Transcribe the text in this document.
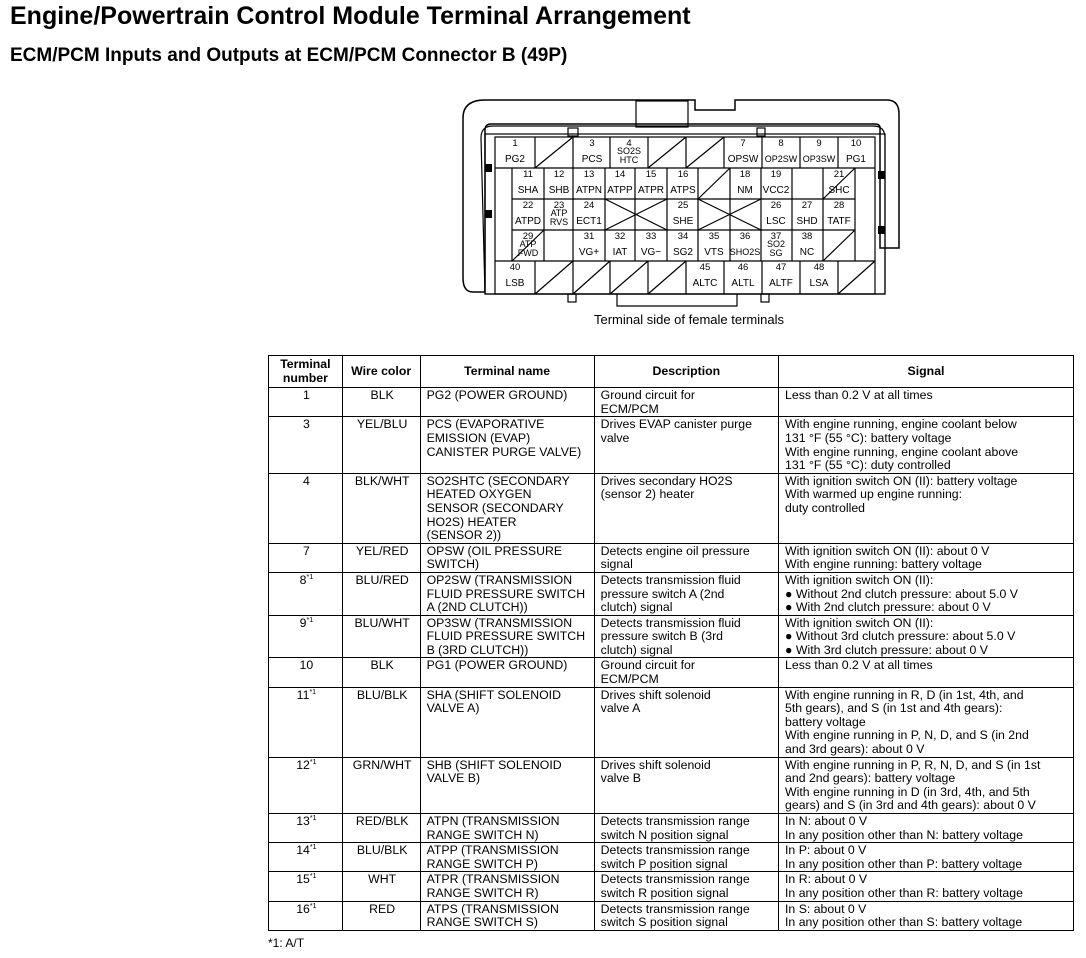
Engine/Powertrain Control Module Terminal Arrangement
ECM/PCM Inputs and Outputs at ECM/PCM Connector B (49P)
1
PG2
3
PCS
4
SO2S HTC
7
OPSW
8
OP2SW
9
OP3SW
10
PG1
11
SHA
12
SHB
13
ATPN
14
ATPP
15
ATPR
16
ATPS
18
NM
19
VCC2
21
SHC
22
ATPD
23
ATP RVS
24
ECT1
25
SHE
26
LSC
27
SHD
28
TATF
29
ATP FWD
31
VG+
32
IAT
33
VG−
34
SG2
35
VTS
36
SHO2S
37
SO2 SG
38
NC
40
LSB
45
ALTC
46
ALTL
47
ALTF
48
LSA
Terminal side of female terminals
Terminal number	Wire color	Terminal name	Description	Signal
1	BLK	PG2 (POWER GROUND)	Ground circuit for
ECM/PCM	Less than 0.2 V at all times
3	YEL/BLU	PCS (EVAPORATIVE
EMISSION (EVAP)
CANISTER PURGE VALVE)	Drives EVAP canister purge
valve	With engine running, engine coolant below
131 °F (55 °C): battery voltage
With engine running, engine coolant above
131 °F (55 °C): duty controlled
4	BLK/WHT	SO2SHTC (SECONDARY
HEATED OXYGEN
SENSOR (SECONDARY
HO2S) HEATER
(SENSOR 2))	Drives secondary HO2S
(sensor 2) heater	With ignition switch ON (II): battery voltage
With warmed up engine running:
duty controlled
7	YEL/RED	OPSW (OIL PRESSURE
SWITCH)	Detects engine oil pressure
signal	With ignition switch ON (II): about 0 V
With engine running: battery voltage
8$^{*1}$	BLU/RED	OP2SW (TRANSMISSION
FLUID PRESSURE SWITCH
A (2ND CLUTCH))	Detects transmission fluid
pressure switch A (2nd
clutch) signal	With ignition switch ON (II):
● Without 2nd clutch pressure: about 5.0 V
● With 2nd clutch pressure: about 0 V
9$^{*1}$	BLU/WHT	OP3SW (TRANSMISSION
FLUID PRESSURE SWITCH
B (3RD CLUTCH))	Detects transmission fluid
pressure switch B (3rd
clutch) signal	With ignition switch ON (II):
● Without 3rd clutch pressure: about 5.0 V
● With 3rd clutch pressure: about 0 V
10	BLK	PG1 (POWER GROUND)	Ground circuit for
ECM/PCM	Less than 0.2 V at all times
11$^{*1}$	BLU/BLK	SHA (SHIFT SOLENOID
VALVE A)	Drives shift solenoid
valve A	With engine running in R, D (in 1st, 4th, and
5th gears), and S (in 1st and 4th gears):
battery voltage
With engine running in P, N, D, and S (in 2nd
and 3rd gears): about 0 V
12$^{*1}$	GRN/WHT	SHB (SHIFT SOLENOID
VALVE B)	Drives shift solenoid
valve B	With engine running in P, R, N, D, and S (in 1st
and 2nd gears): battery voltage
With engine running in D (in 3rd, 4th, and 5th
gears) and S (in 3rd and 4th gears): about 0 V
13$^{*1}$	RED/BLK	ATPN (TRANSMISSION
RANGE SWITCH N)	Detects transmission range
switch N position signal	In N: about 0 V
In any position other than N: battery voltage
14$^{*1}$	BLU/BLK	ATPP (TRANSMISSION
RANGE SWITCH P)	Detects transmission range
switch P position signal	In P: about 0 V
In any position other than P: battery voltage
15$^{*1}$	WHT	ATPR (TRANSMISSION
RANGE SWITCH R)	Detects transmission range
switch R position signal	In R: about 0 V
In any position other than R: battery voltage
16$^{*1}$	RED	ATPS (TRANSMISSION
RANGE SWITCH S)	Detects transmission range
switch S position signal	In S: about 0 V
In any position other than S: battery voltage
*1: A/T
